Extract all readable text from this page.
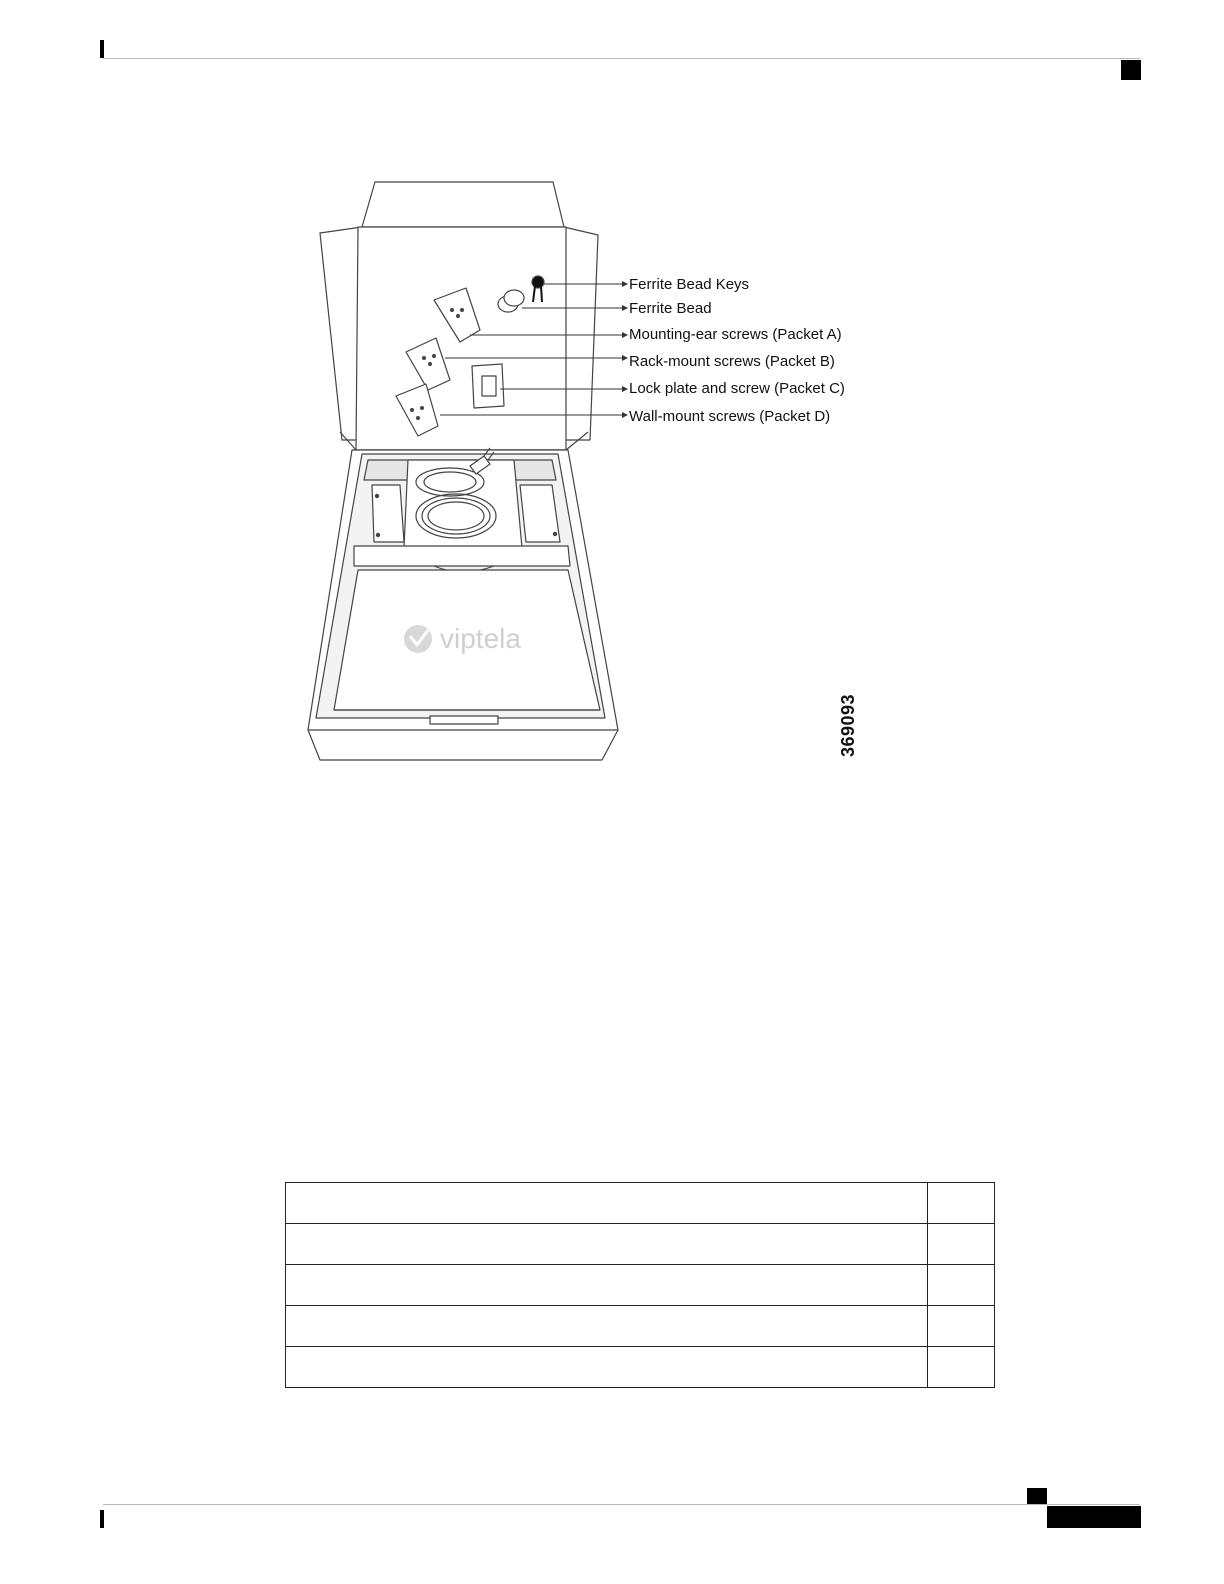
viptela
Ferrite Bead Keys
Ferrite Bead
Mounting-ear screws (Packet A)
Rack-mount screws (Packet B)
Lock plate and screw (Packet C)
Wall-mount screws (Packet D)
369093
